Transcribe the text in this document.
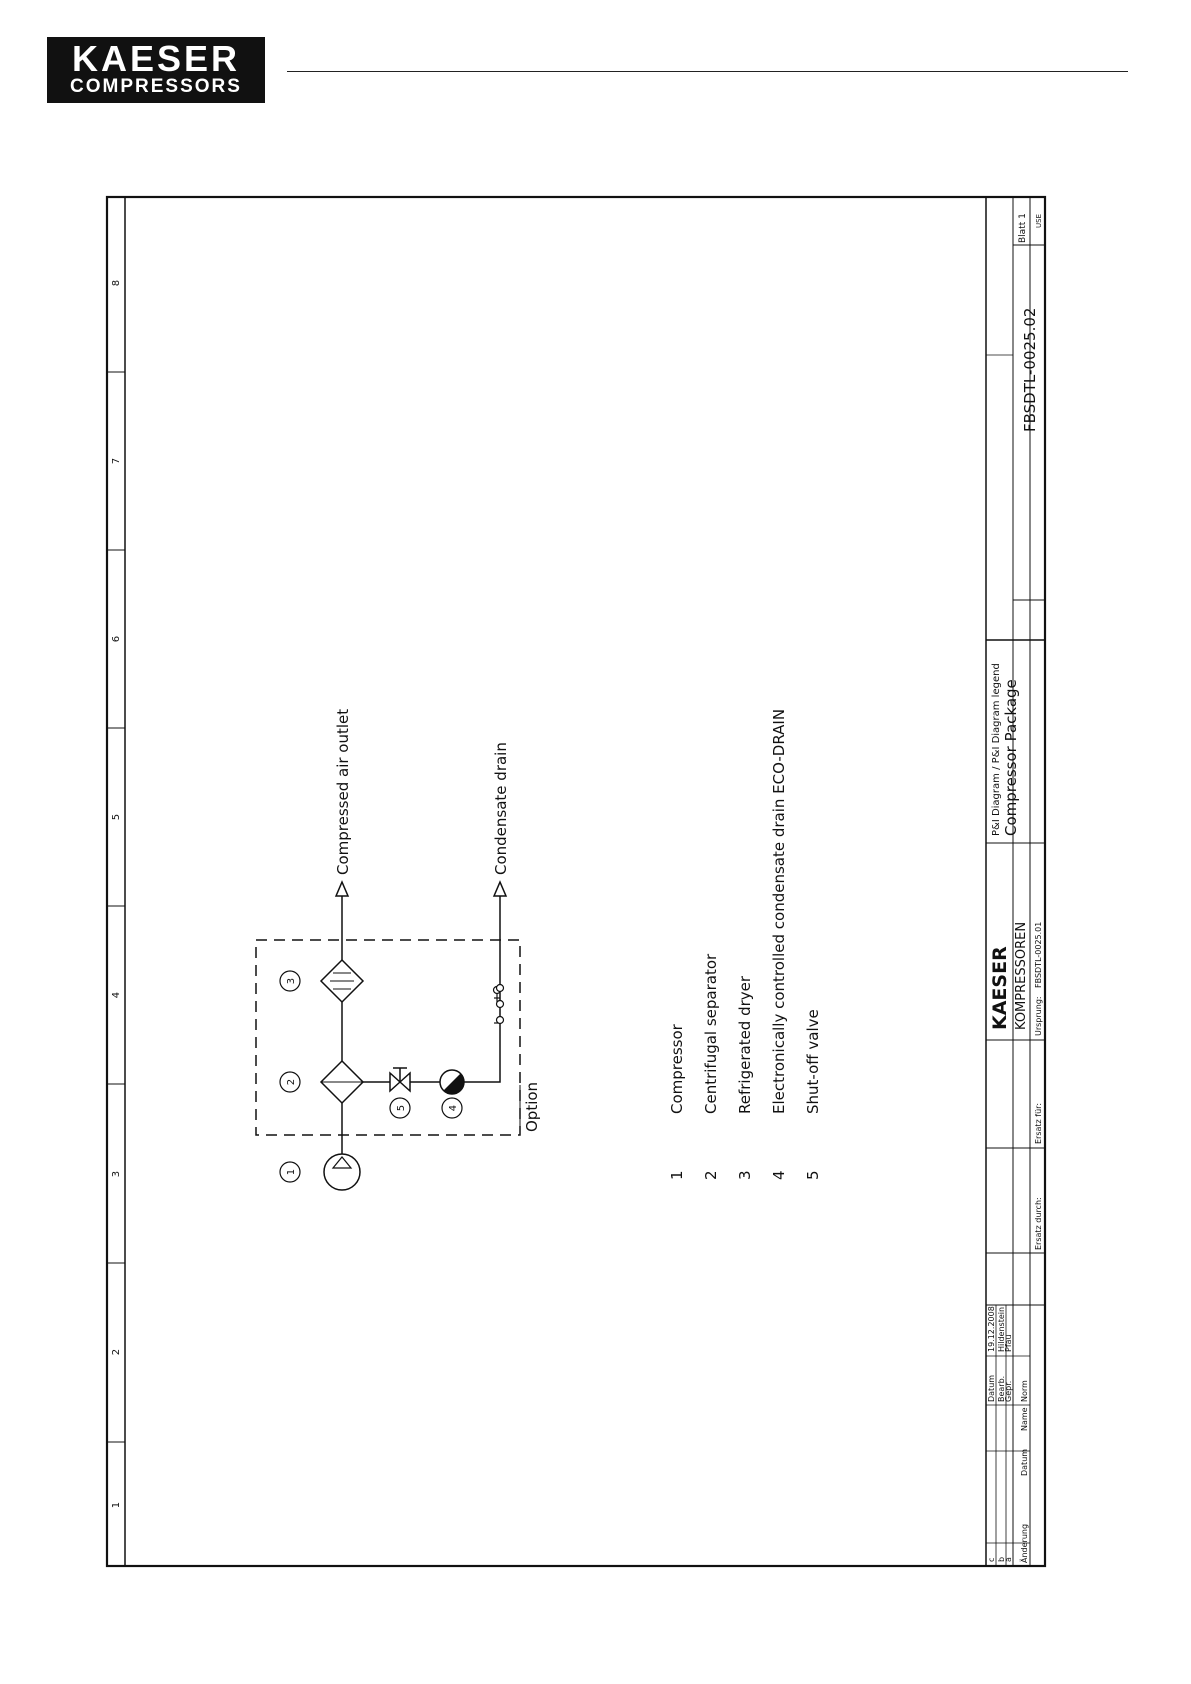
KAESER
COMPRESSORS
1
2
3
4
5
6
7
8
Option
Compressed air outlet	Condensate drain
1
2
3
4
5
1
Compressor
2
Centrifugal separator
3
Refrigerated dryer
4
Electronically controlled condensate drain ECO-DRAIN
5
Shut-off valve
c b
a Änderung
Datum
Name
Datum
19.12.2008
Bearb.
Hildenstein
Gepr.
Pfau
Norm
Ersatz durch:
Ersatz für:
Ursprung:
FBSDTL-0025.01
KAESER KOMPRESSOREN
P&I Diagram / P&I Diagram legend Compressor Package
FBSDTL-0025.02
Blatt 1 USE
